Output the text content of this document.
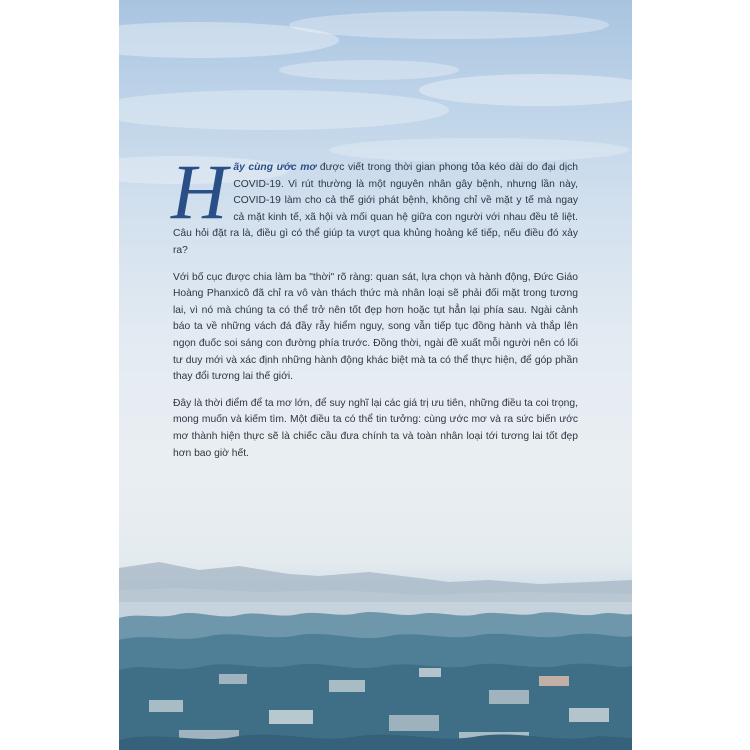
Hãy cùng ước mơ được viết trong thời gian phong tỏa kéo dài do đại dịch COVID-19. Vi rút thường là một nguyên nhân gây bệnh, nhưng lần này, COVID-19 làm cho cả thế giới phát bệnh, không chỉ về mặt y tế mà ngay cả mặt kinh tế, xã hội và mối quan hệ giữa con người với nhau đều tê liệt. Câu hỏi đặt ra là, điều gì có thể giúp ta vượt qua khủng hoảng kế tiếp, nếu điều đó xảy ra?

Với bố cục được chia làm ba "thời" rõ ràng: quan sát, lựa chọn và hành động, Đức Giáo Hoàng Phanxicô đã chỉ ra vô vàn thách thức mà nhân loại sẽ phải đối mặt trong tương lai, vì nó mà chúng ta có thể trở nên tốt đẹp hơn hoặc tụt hẳn lại phía sau. Ngài cảnh báo ta về những vách đá đầy rẫy hiểm nguy, song vẫn tiếp tục đồng hành và thắp lên ngọn đuốc soi sáng con đường phía trước. Đồng thời, ngài đề xuất mỗi người nên có lối tư duy mới và xác định những hành động khác biệt mà ta có thể thực hiện, để góp phần thay đổi tương lai thế giới.

Đây là thời điểm để ta mơ lớn, để suy nghĩ lại các giá trị ưu tiên, những điều ta coi trọng, mong muốn và kiếm tìm. Một điều ta có thể tin tưởng: cùng ước mơ và ra sức biến ước mơ thành hiện thực sẽ là chiếc cầu đưa chính ta và toàn nhân loại tới tương lai tốt đẹp hơn bao giờ hết.
